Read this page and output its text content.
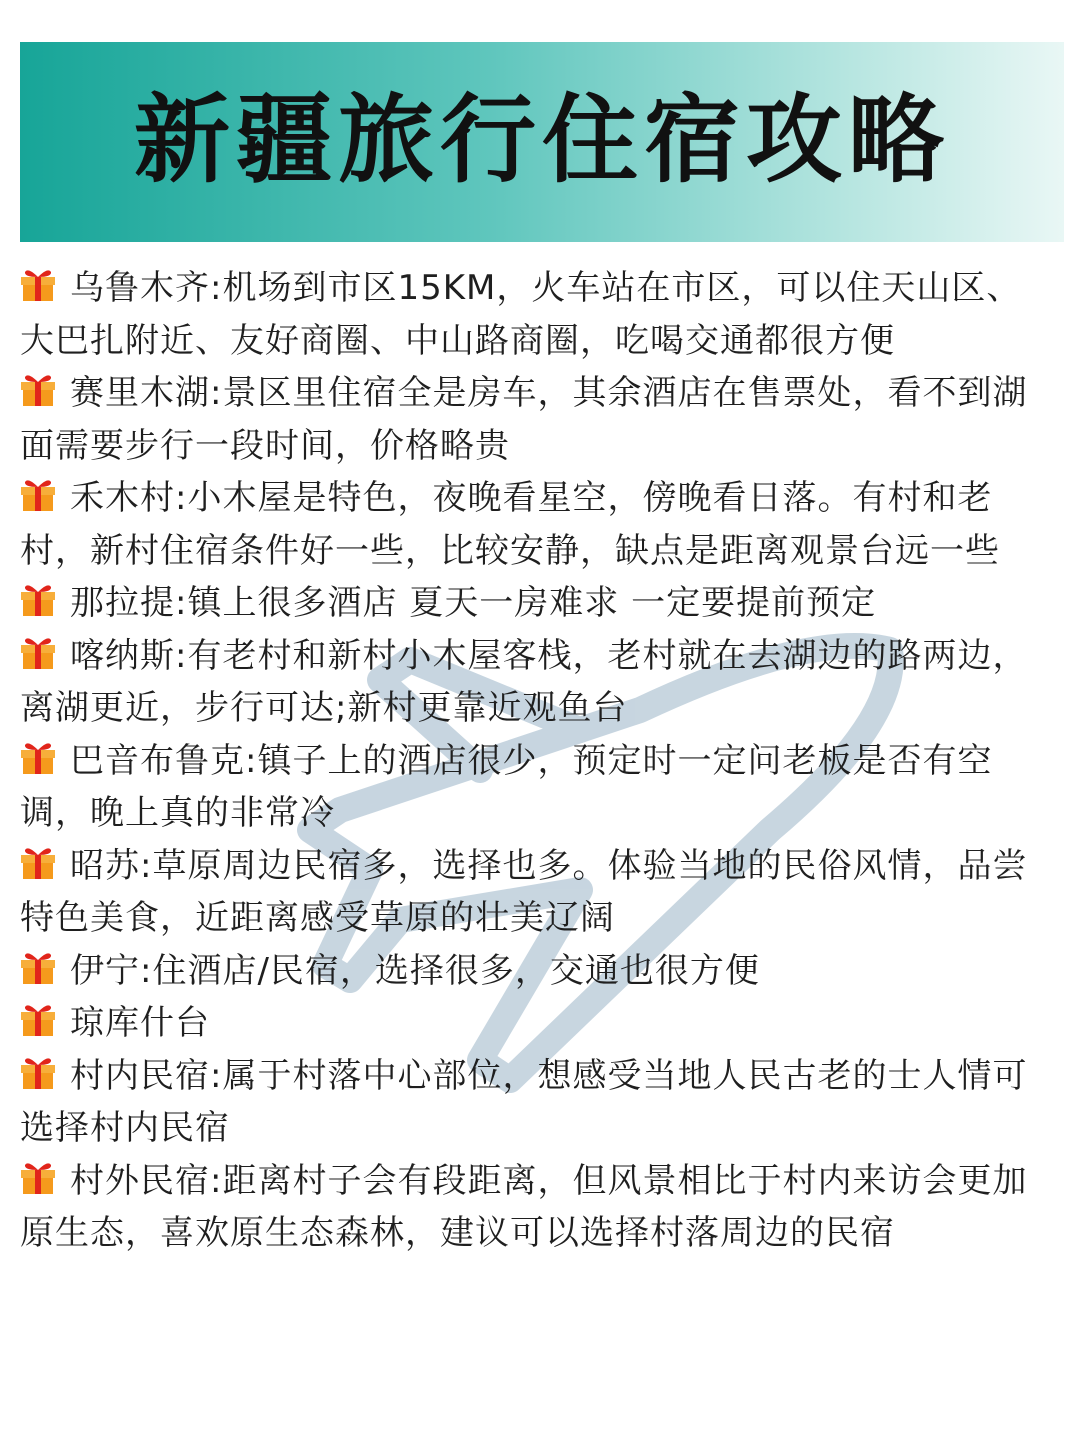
新疆旅行住宿攻略

乌鲁木齐:机场到市区15KM，火车站在市区，可以住天山区、大巴扎附近、友好商圈、中山路商圈，吃喝交通都很方便

赛里木湖:景区里住宿全是房车，其余酒店在售票处，看不到湖面需要步行一段时间，价格略贵

禾木村:小木屋是特色，夜晚看星空，傍晚看日落。有村和老村，新村住宿条件好一些，比较安静，缺点是距离观景台远一些

那拉提:镇上很多酒店 夏天一房难求 一定要提前预定

喀纳斯:有老村和新村小木屋客栈，老村就在去湖边的路两边，离湖更近，步行可达;新村更靠近观鱼台

巴音布鲁克:镇子上的酒店很少，预定时一定问老板是否有空调，晚上真的非常冷

昭苏:草原周边民宿多，选择也多。体验当地的民俗风情，品尝特色美食，近距离感受草原的壮美辽阔

伊宁:住酒店/民宿，选择很多，交通也很方便

琼库什台

村内民宿:属于村落中心部位，想感受当地人民古老的士人情可选择村内民宿

村外民宿:距离村子会有段距离，但风景相比于村内来访会更加原生态，喜欢原生态森林，建议可以选择村落周边的民宿
